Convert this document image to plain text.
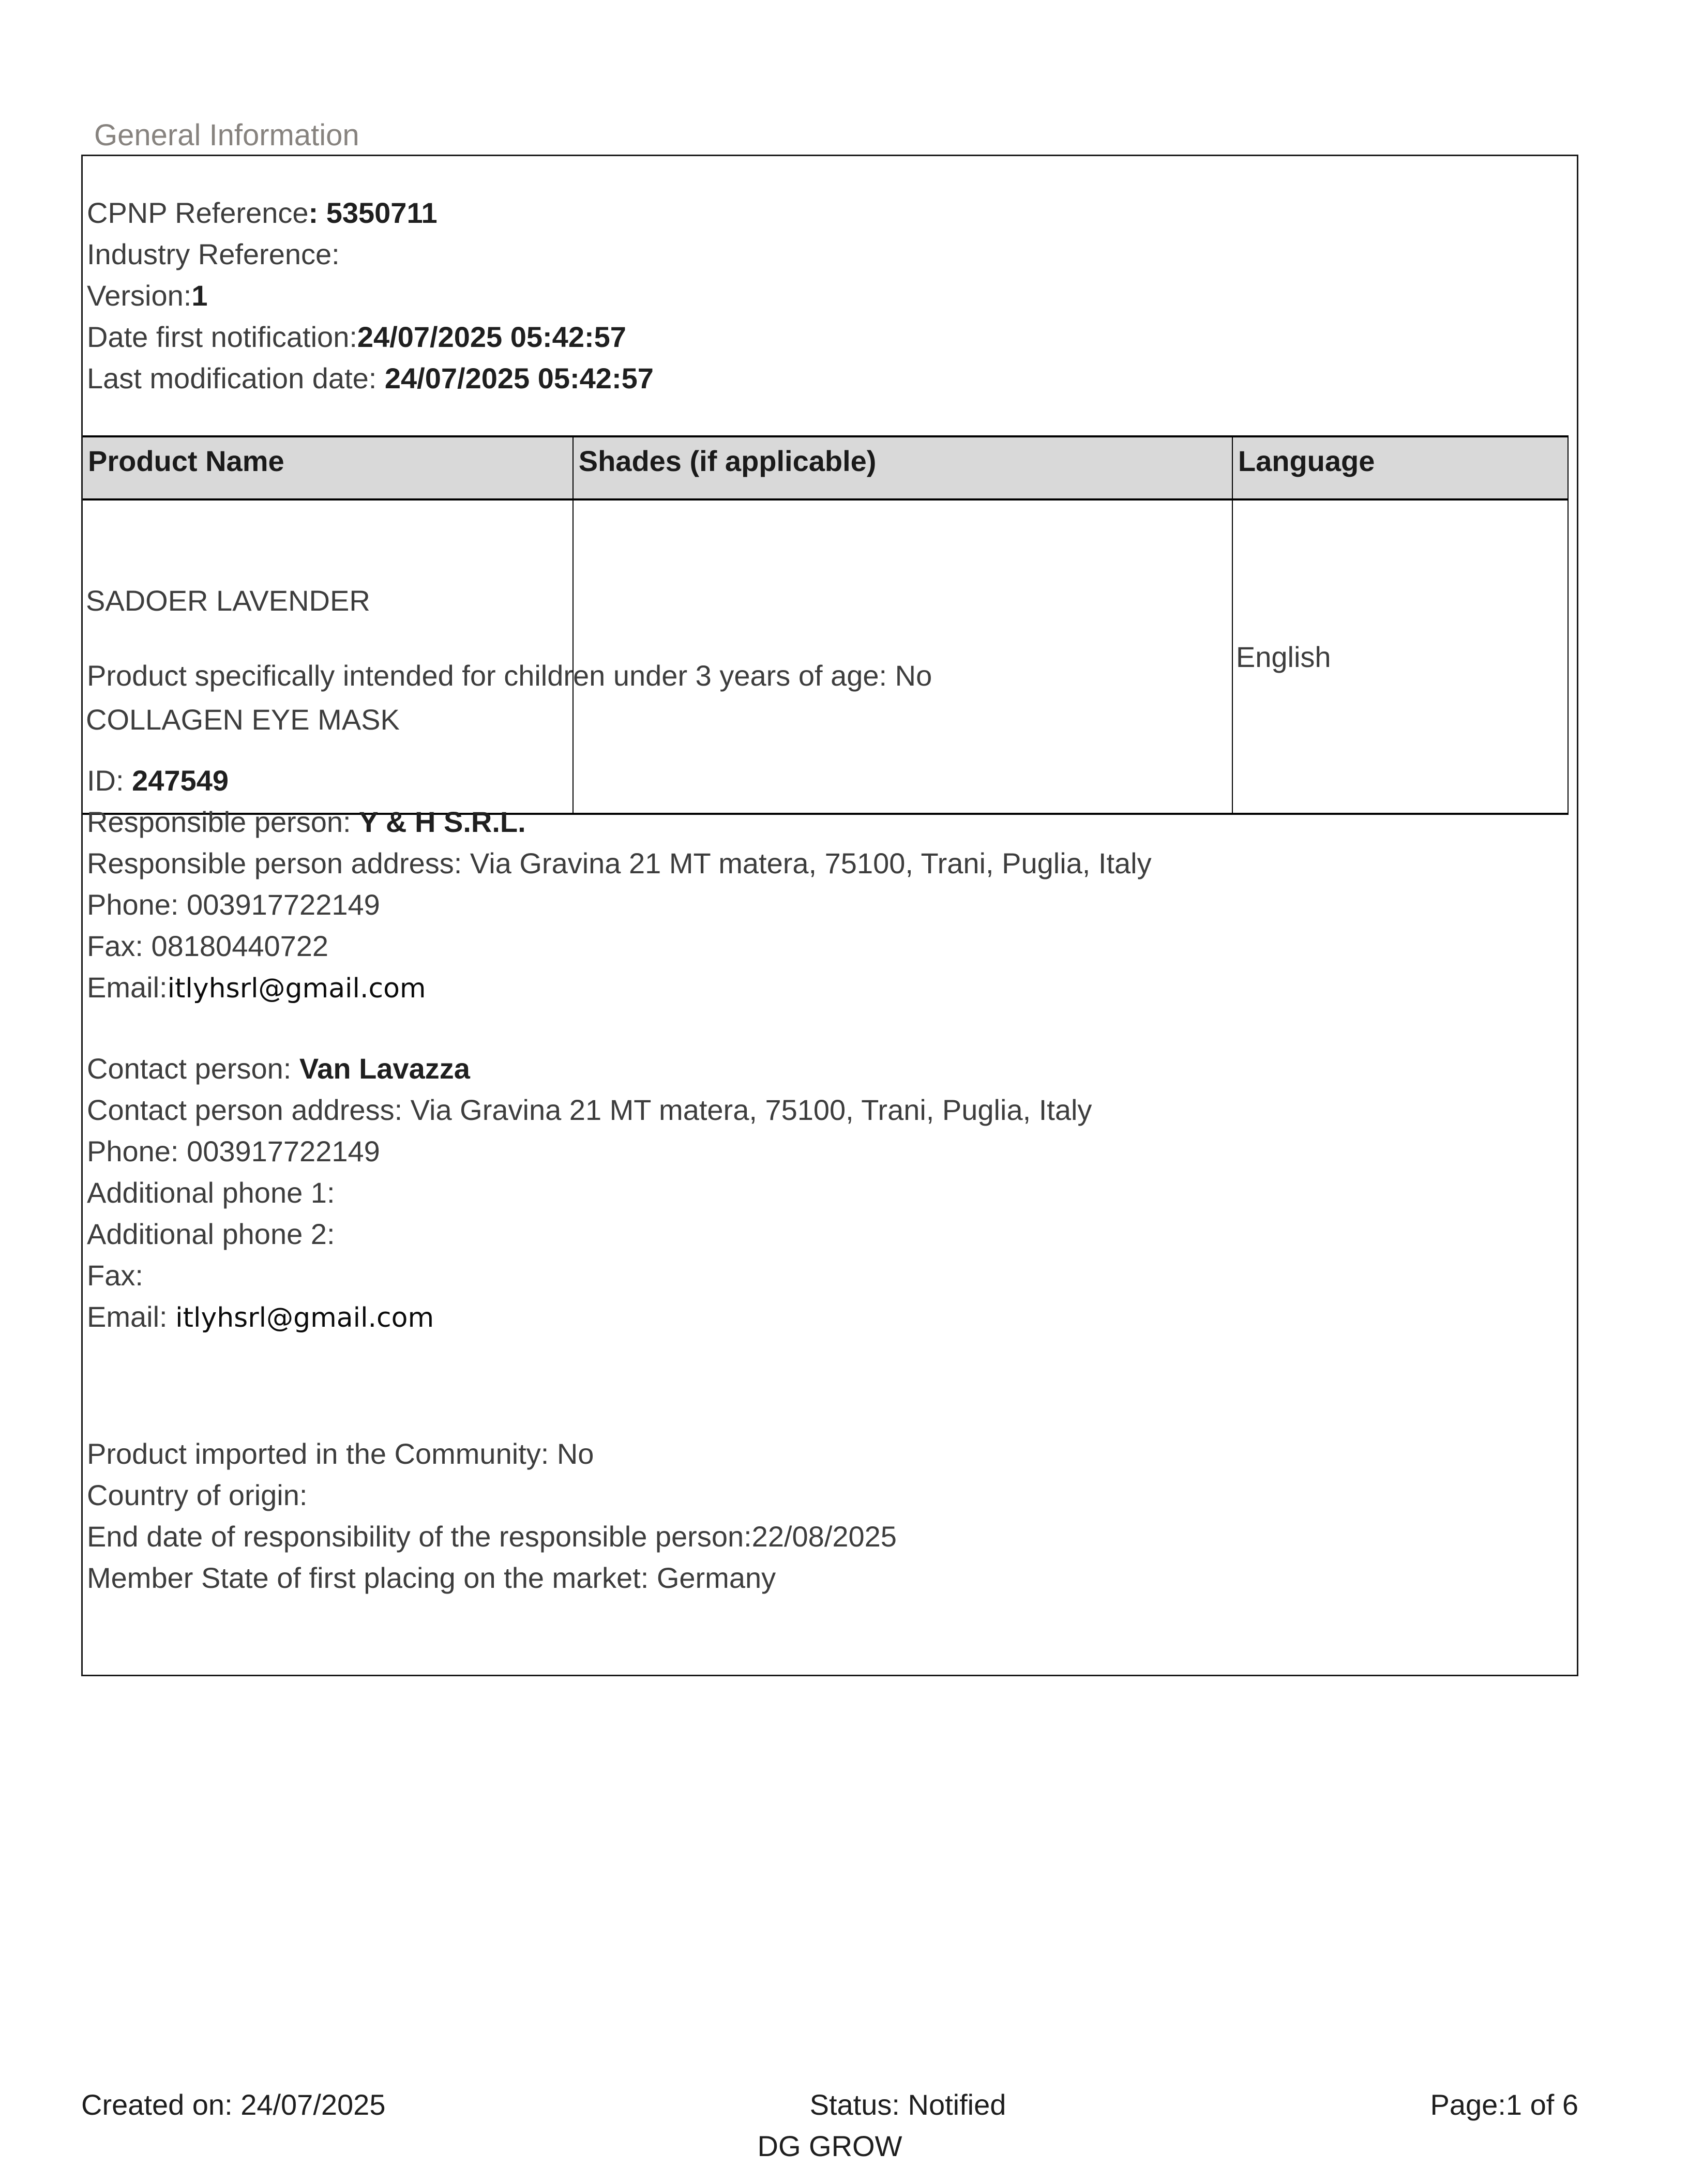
General Information
CPNP Reference: 5350711
Industry Reference:
Version:1
Date first notification:24/07/2025 05:42:57
Last modification date: 24/07/2025 05:42:57
Product Name	Shades (if applicable)	Language

SADOER LAVENDER

COLLAGEN EYE MASK		English
Product specifically intended for children under 3 years of age: No
ID: 247549
Responsible person: Y & H S.R.L.
Responsible person address: Via Gravina 21 MT matera, 75100, Trani, Puglia, Italy
Phone: 003917722149
Fax: 08180440722
Email:itlyhsrl@gmail.com
Contact person: Van Lavazza
Contact person address: Via Gravina 21 MT matera, 75100, Trani, Puglia, Italy
Phone: 003917722149
Additional phone 1:
Additional phone 2:
Fax:
Email: itlyhsrl@gmail.com
Product imported in the Community: No
Country of origin:
End date of responsibility of the responsible person:22/08/2025
Member State of first placing on the market: Germany
Created on: 24/07/2025	Status: Notified	Page:1 of 6
DG GROW
